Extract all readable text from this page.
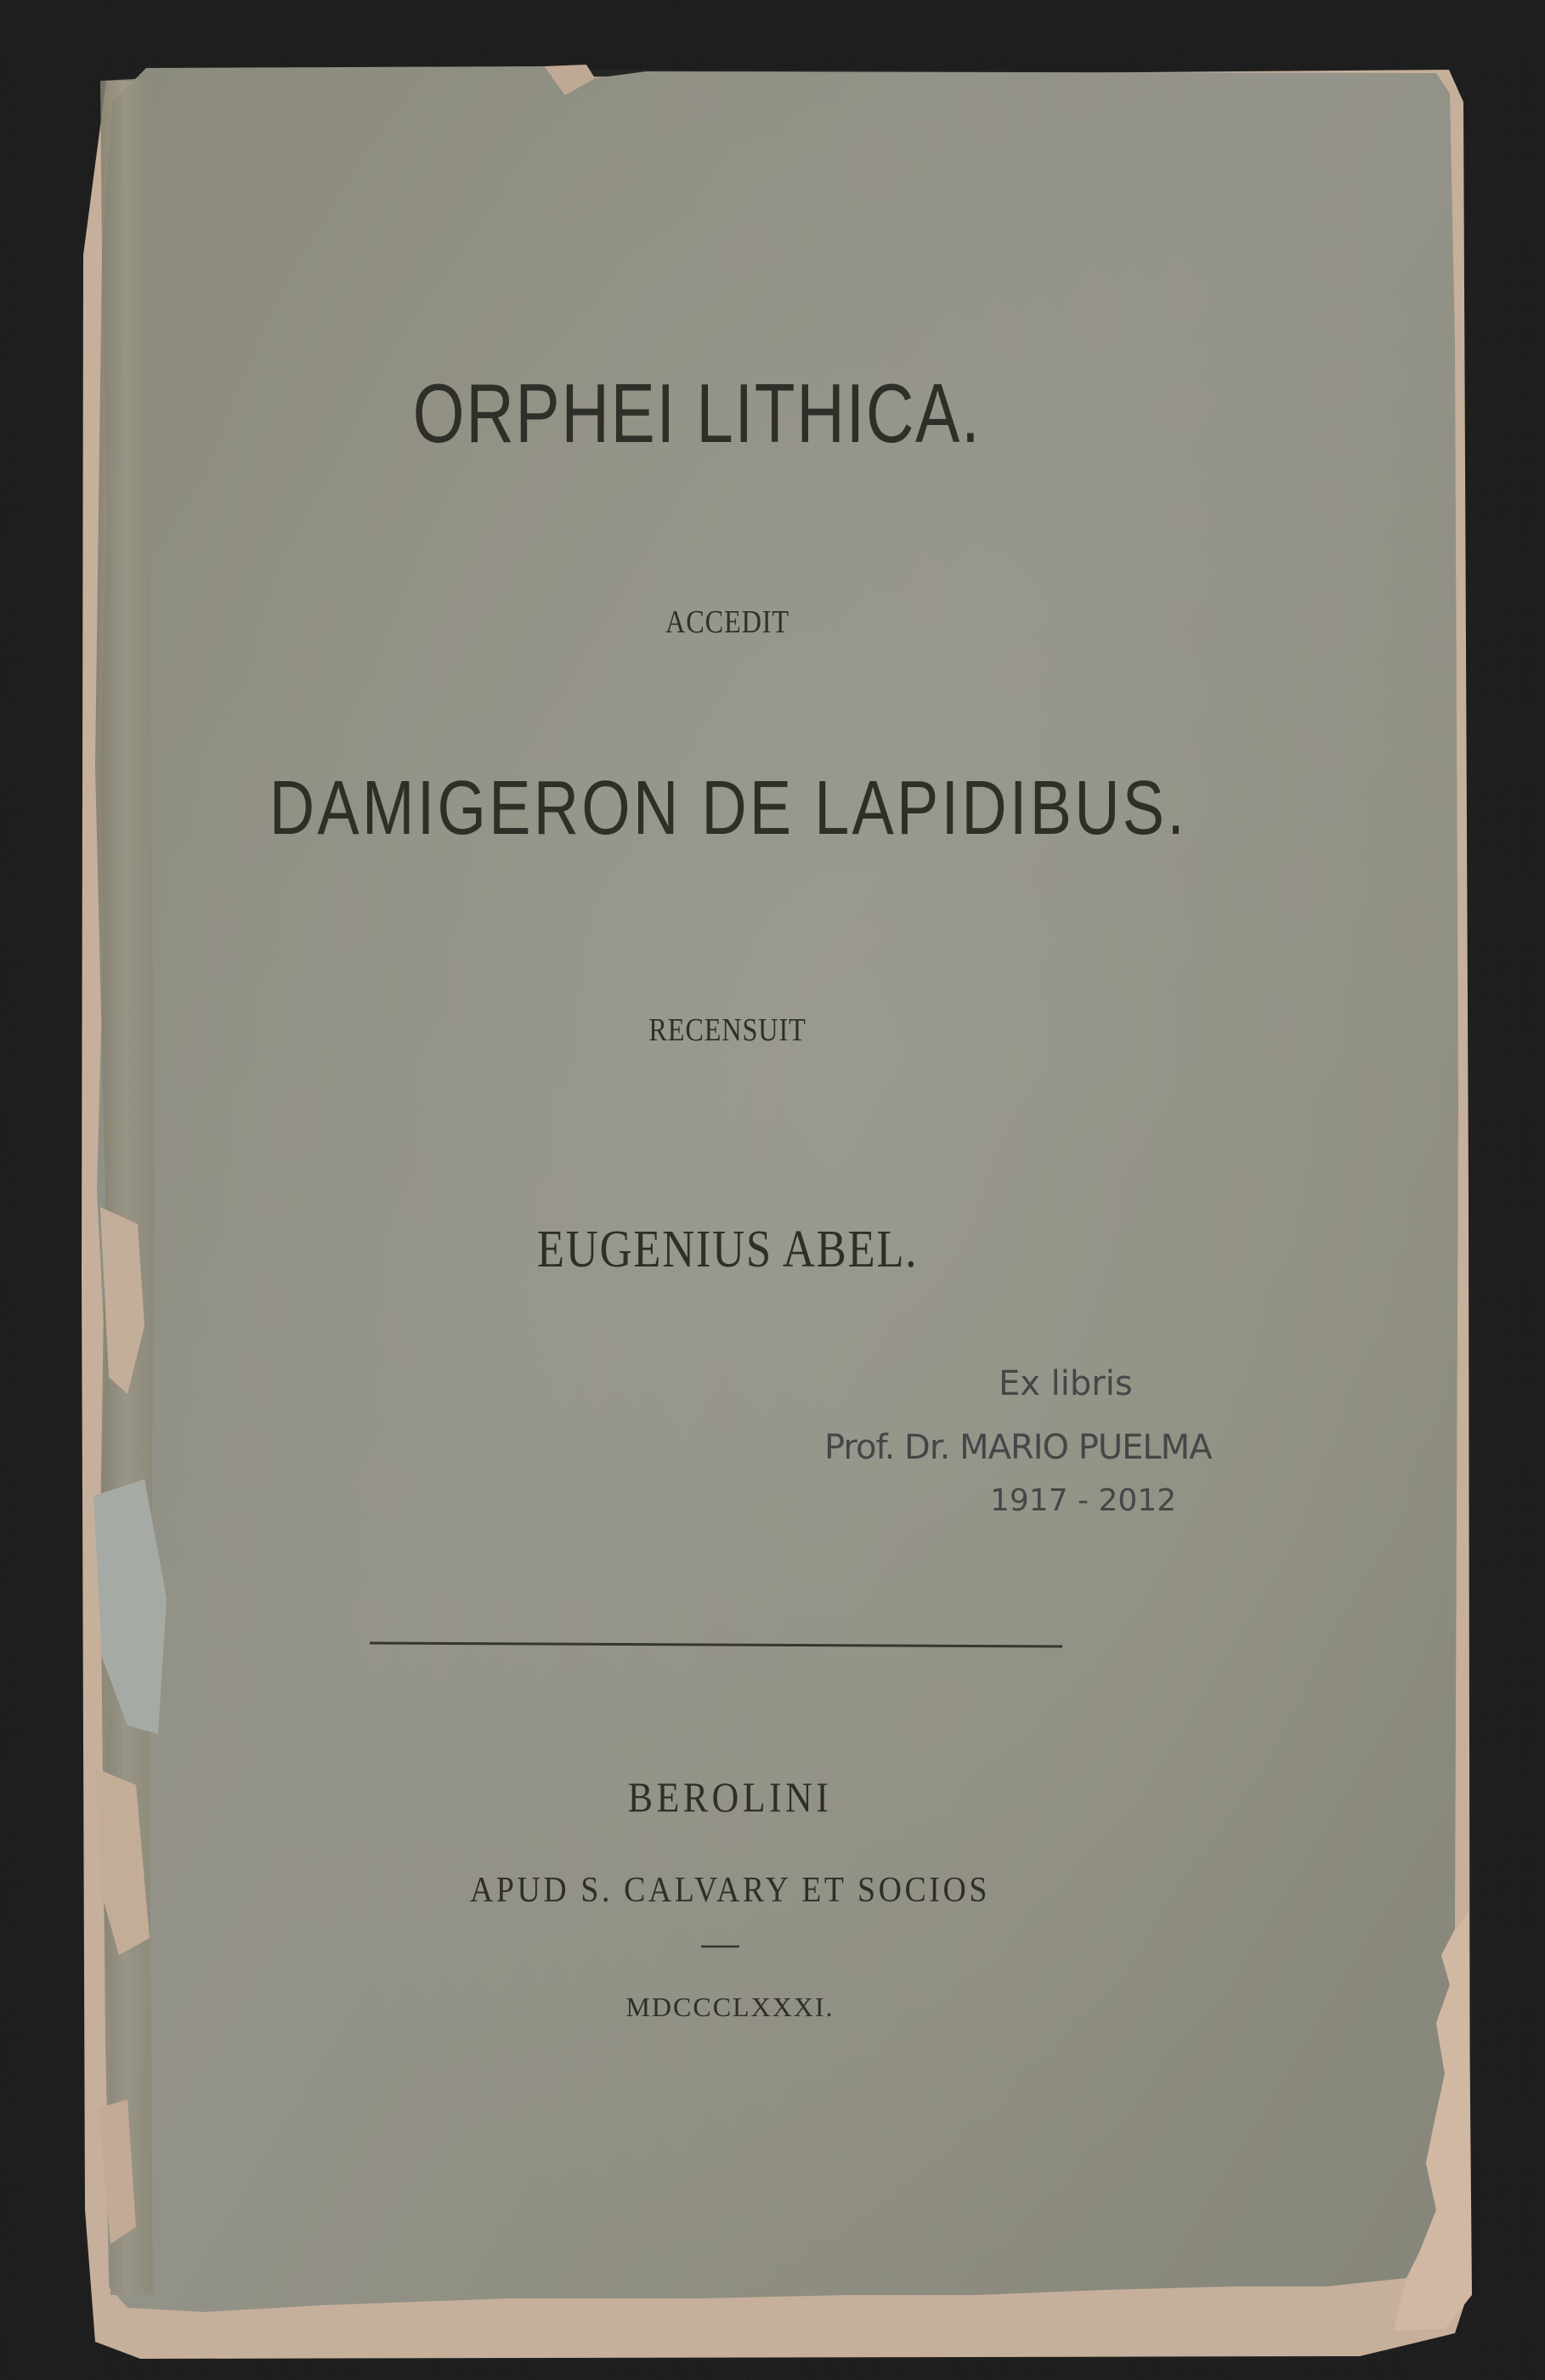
ORPHEI LITHICA.

ACCEDIT

DAMIGERON DE LAPIDIBUS.

RECENSUIT

EUGENIUS ABEL.

BEROLINI

APUD S. CALVARY ET SOCIOS

MDCCCLXXXI.

Ex libris

Prof. Dr. MARIO PUELMA

1917 - 2012
